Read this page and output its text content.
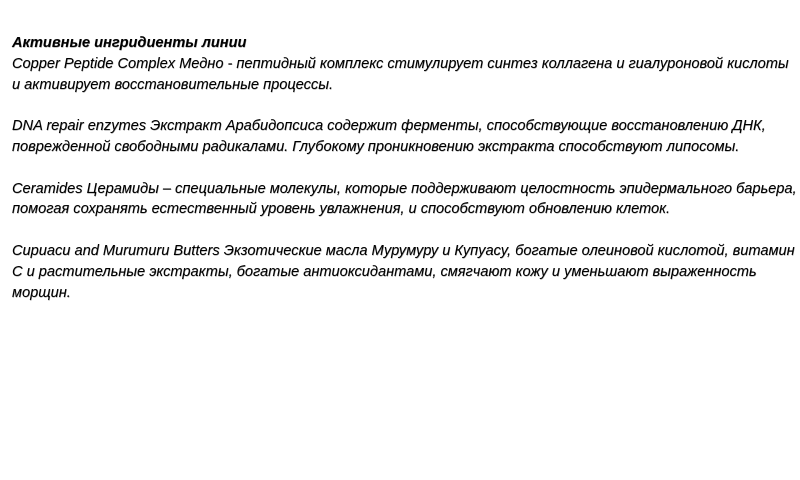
Активные ингридиенты линии

Copper Peptide Complex Медно - пептидный комплекс стимулирует синтез коллагена и гиалуроновой кислоты и активирует восстановительные процессы.

DNA repair enzymes Экстракт Арабидопсиса содержит ферменты, способствующие восстановлению ДНК, поврежденной свободными радикалами. Глубокому проникновению экстракта способствуют липосомы.

Ceramides Церамиды – специальные молекулы, которые поддерживают целостность эпидермального барьера, помогая сохранять естественный уровень увлажнения, и способствуют обновлению клеток.

Cupuacu and Murumuru Butters Экзотические масла Мурумуру и Купуасу, богатые олеиновой кислотой, витамин C и растительные экстракты, богатые антиоксидантами, смягчают кожу и уменьшают выраженность морщин.
